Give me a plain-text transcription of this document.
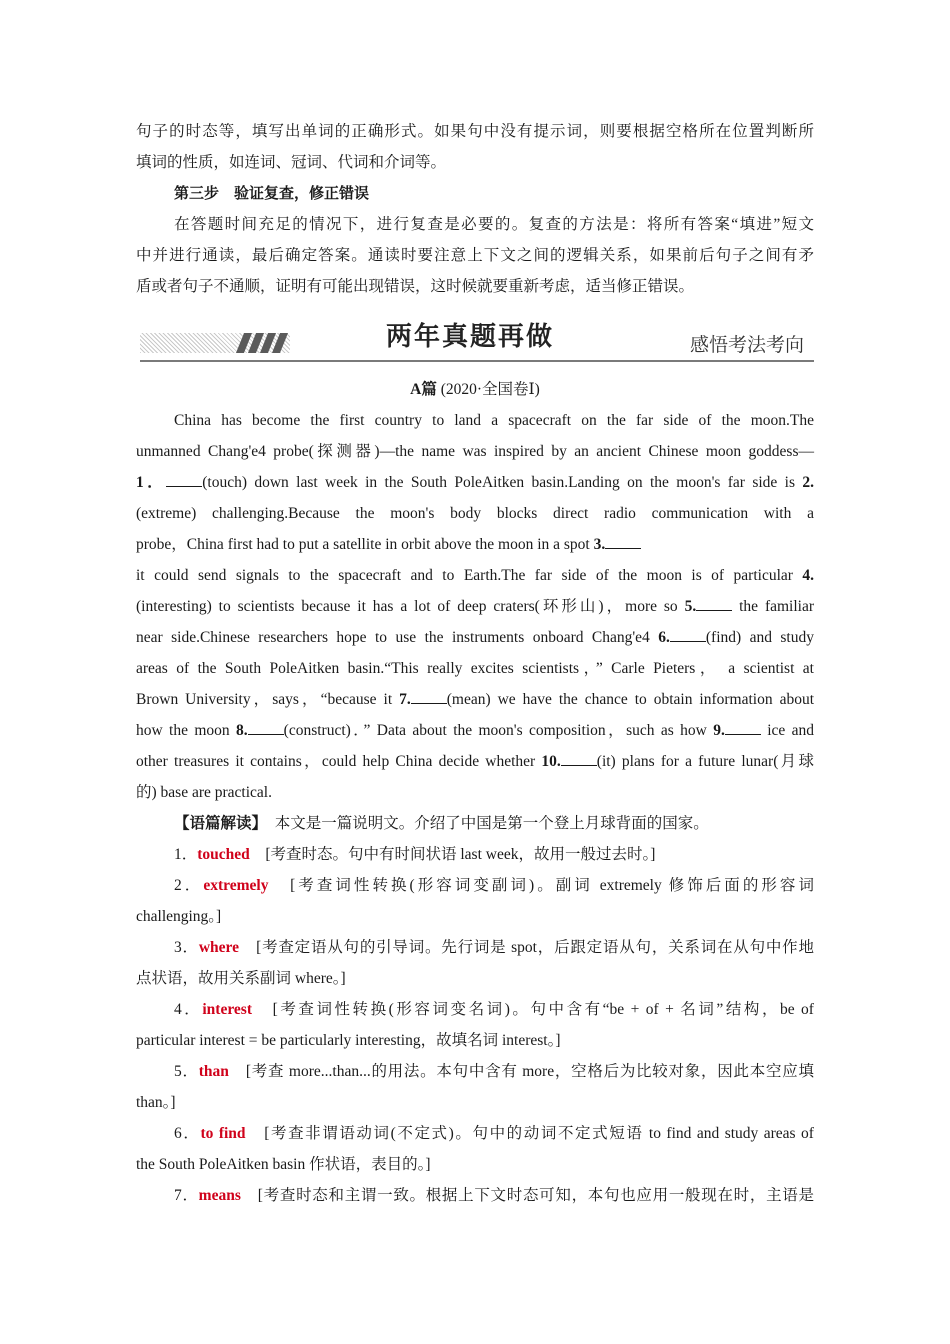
句子的时态等，填写出单词的正确形式。如果句中没有提示词，则要根据空格所在位置判断所

填词的性质，如连词、冠词、代词和介词等。

第三步　验证复查，修正错误

在答题时间充足的情况下，进行复查是必要的。复查的方法是：将所有答案“填进”短文

中并进行通读，最后确定答案。通读时要注意上下文之间的逻辑关系，如果前后句子之间有矛

盾或者句子不通顺，证明有可能出现错误，这时候就要重新考虑，适当修正错误。

两年真题再做	感悟考法考向

A篇 (2020·全国卷Ⅰ)

China has become the first country to land a spacecraft on the far side of the moon.The

unmanned Chang'e4 probe(探测器)—the name was inspired by an ancient Chinese moon goddess—

1． (touch) down last week in the South PoleAitken basin.Landing on the moon's far side is 2.

(extreme) challenging.Because the moon's body blocks direct radio communication with a

probe，China first had to put a satellite in orbit above the moon in a spot 3.

it could send signals to the spacecraft and to Earth.The far side of the moon is of particular 4.

(interesting) to scientists because it has a lot of deep craters(环形山)，more so 5.	the familiar

near side.Chinese researchers hope to use the instruments onboard Chang'e4 6. (find) and study

areas of the South PoleAitken basin.“This really excites scientists，” Carle Pieters， a scientist at

Brown University，says，“because it 7. (mean) we have the chance to obtain information about

how the moon 8. (construct)．” Data about the moon's composition，such as how 9.	ice and

other treasures it contains，could help China decide whether 10. (it) plans for a future lunar(月球

的) base are practical.

【语篇解读】　 本文是一篇说明文。介绍了中国是第一个登上月球背面的国家。

1．touched　 [考查时态。句中有时间状语 last week，故用一般过去时。]

2．extremely　 [考查词性转换(形容词变副词)。副词 extremely 修饰后面的形容词

challenging。]

3．where　 [考查定语从句的引导词。先行词是 spot，后跟定语从句，关系词在从句中作地

点状语，故用关系副词 where。]

4．interest　 [考查词性转换(形容词变名词)。句中含有“be + of + 名词”结构，be of

particular interest = be particularly interesting，故填名词 interest。]

5．than　 [考查 more...than...的用法。本句中含有 more，空格后为比较对象，因此本空应填

than。]

6．to find　 [考查非谓语动词(不定式)。句中的动词不定式短语 to find and study areas of

the South PoleAitken basin 作状语，表目的。]

7．means　 [考查时态和主谓一致。根据上下文时态可知，本句也应用一般现在时，主语是
